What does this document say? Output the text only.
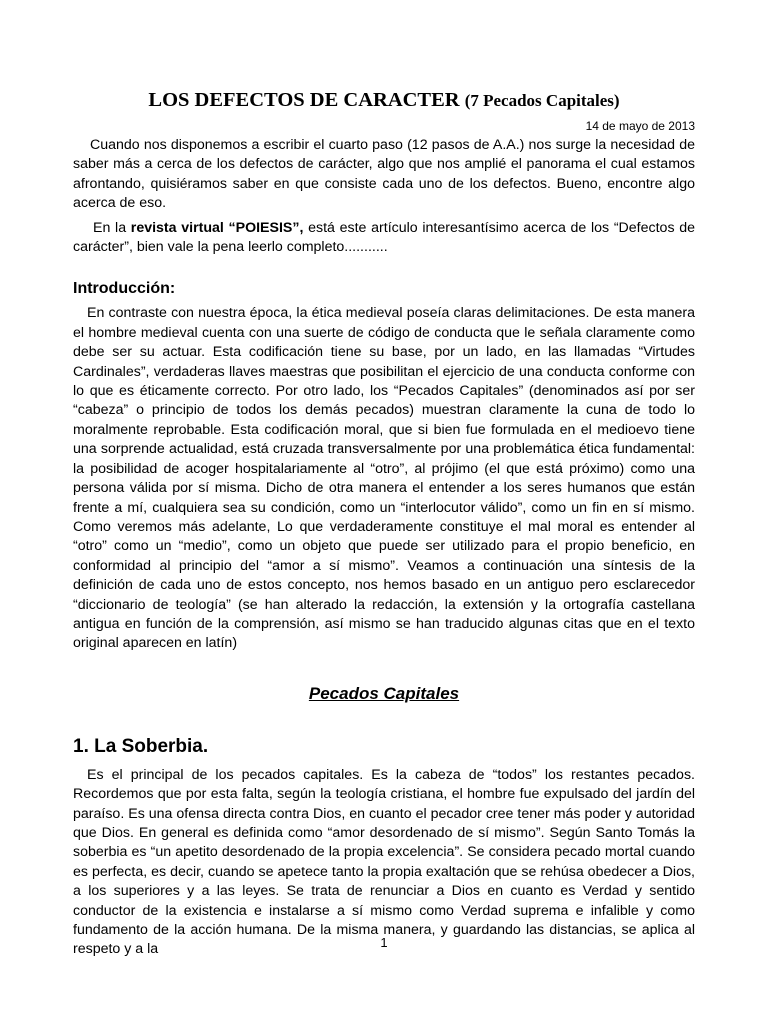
LOS DEFECTOS DE CARACTER (7 Pecados Capitales)
14 de mayo de 2013

Cuando nos disponemos a escribir el cuarto paso (12 pasos de A.A.) nos surge la necesidad de saber más a cerca de los defectos de carácter, algo que nos amplié el panorama el cual estamos afrontando, quisiéramos saber en que consiste cada uno de los defectos. Bueno, encontre algo acerca de eso.

En la revista virtual “POIESIS”, está este artículo interesantísimo acerca de los “Defectos de carácter”, bien vale la pena leerlo completo...........

Introducción:

En contraste con nuestra época, la ética medieval poseía claras delimitaciones. De esta manera el hombre medieval cuenta con una suerte de código de conducta que le señala claramente como debe ser su actuar. Esta codificación tiene su base, por un lado, en las llamadas “Virtudes Cardinales”, verdaderas llaves maestras que posibilitan el ejercicio de una conducta conforme con lo que es éticamente correcto. Por otro lado, los “Pecados Capitales” (denominados así por ser “cabeza” o principio de todos los demás pecados) muestran claramente la cuna de todo lo moralmente reprobable. Esta codificación moral, que si bien fue formulada en el medioevo tiene una sorprende actualidad, está cruzada transversalmente por una problemática ética fundamental: la posibilidad de acoger hospitalariamente al “otro”, al prójimo (el que está próximo) como una persona válida por sí misma. Dicho de otra manera el entender a los seres humanos que están frente a mí, cualquiera sea su condición, como un “interlocutor válido”, como un fin en sí mismo. Como veremos más adelante, Lo que verdaderamente constituye el mal moral es entender al “otro” como un “medio”, como un objeto que puede ser utilizado para el propio beneficio, en conformidad al principio del “amor a sí mismo”. Veamos a continuación una síntesis de la definición de cada uno de estos concepto, nos hemos basado en un antiguo pero esclarecedor “diccionario de teología” (se han alterado la redacción, la extensión y la ortografía castellana antigua en función de la comprensión, así mismo se han traducido algunas citas que en el texto original aparecen en latín)

Pecados Capitales
1. La Soberbia.

Es el principal de los pecados capitales. Es la cabeza de “todos” los restantes pecados. Recordemos que por esta falta, según la teología cristiana, el hombre fue expulsado del jardín del paraíso. Es una ofensa directa contra Dios, en cuanto el pecador cree tener más poder y autoridad que Dios. En general es definida como “amor desordenado de sí mismo”. Según Santo Tomás la soberbia es “un apetito desordenado de la propia excelencia”. Se considera pecado mortal cuando es perfecta, es decir, cuando se apetece tanto la propia exaltación que se rehúsa obedecer a Dios, a los superiores y a las leyes. Se trata de renunciar a Dios en cuanto es Verdad y sentido conductor de la existencia e instalarse a sí mismo como Verdad suprema e infalible y como fundamento de la acción humana. De la misma manera, y guardando las distancias, se aplica al respeto y a la	1
